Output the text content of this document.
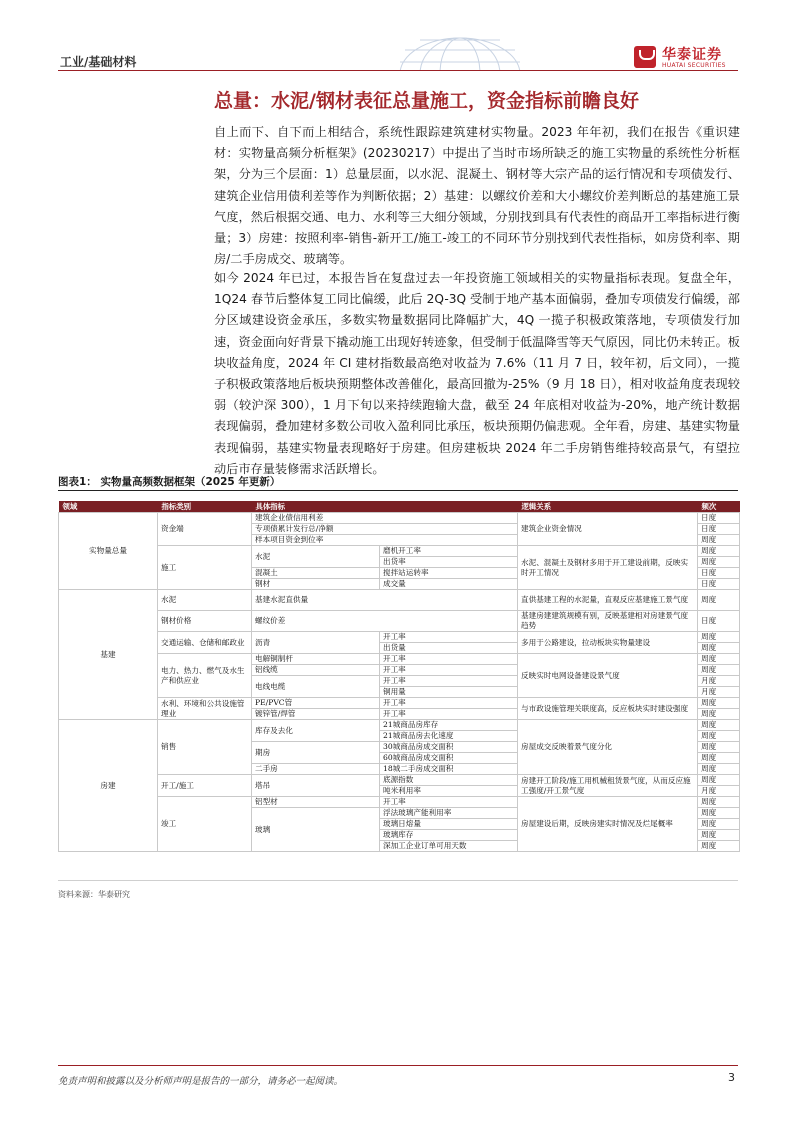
工业/基础材料	华泰证券
HUATAI SECURITIES
总量：水泥/钢材表征总量施工，资金指标前瞻良好

自上而下、自下而上相结合，系统性跟踪建筑建材实物量。2023 年年初，我们在报告《重识建材：实物量高频分析框架》(20230217）中提出了当时市场所缺乏的施工实物量的系统性分析框架，分为三个层面：1）总量层面，以水泥、混凝土、钢材等大宗产品的运行情况和专项债发行、建筑企业信用债利差等作为判断依据；2）基建：以螺纹价差和大小螺纹价差判断总的基建施工景气度，然后根据交通、电力、水利等三大细分领域，分别找到具有代表性的商品开工率指标进行衡量；3）房建：按照利率-销售-新开工/施工-竣工的不同环节分别找到代表性指标，如房贷利率、期房/二手房成交、玻璃等。

如今 2024 年已过，本报告旨在复盘过去一年投资施工领域相关的实物量指标表现。复盘全年，1Q24 春节后整体复工同比偏缓，此后 2Q-3Q 受制于地产基本面偏弱，叠加专项债发行偏缓，部分区域建设资金承压，多数实物量数据同比降幅扩大，4Q 一揽子积极政策落地，专项债发行加速，资金面向好背景下撬动施工出现好转迹象，但受制于低温降雪等天气原因，同比仍未转正。板块收益角度，2024 年 CI 建材指数最高绝对收益为 7.6%（11 月 7 日，较年初，后文同），一揽子积极政策落地后板块预期整体改善催化，最高回撤为-25%（9 月 18 日），相对收益角度表现较弱（较沪深 300），1 月下旬以来持续跑输大盘，截至 24 年底相对收益为-20%，地产统计数据表现偏弱，叠加建材多数公司收入盈利同比承压，板块预期仍偏悲观。全年看，房建、基建实物量表现偏弱，基建实物量表现略好于房建。但房建板块 2024 年二手房销售维持较高景气，有望拉动后市存量装修需求活跃增长。

图表1： 实物量高频数据框架（2025 年更新）
领域	指标类别	具体指标		逻辑关系	频次
实物量总量	资金端	建筑企业债信用利差		建筑企业资金情况	日度
		专项债累计发行总/净额			日度
		样本项目资金到位率			周度
	施工	水泥	磨机开工率	水泥、混凝土及钢材多用于开工建设前期，反映实时开工情况	周度
			出货率		周度
		混凝土	搅拌站运转率		日度
		钢材	成交量		日度
基建	水泥	基建水泥直供量		直供基建工程的水泥量，直观反应基建施工景气度	周度
	钢材价格	螺纹价差		基建房建建筑规模有别，反映基建相对房建景气度趋势	日度
	交通运输、仓储和邮政业	沥青	开工率	多用于公路建设，拉动板块实物量建设	周度
			出货量		周度
	电力、热力、燃气及水生产和供应业	电解铜制杆	开工率	反映实时电网设备建设景气度	周度
		铝线缆	开工率		周度
		电线电缆	开工率		月度
			铜用量		月度
	水利、环境和公共设施管理业	PE/PVC管	开工率	与市政设施管理关联度高，反应板块实时建设强度	周度
		镀锌管/焊管	开工率		周度
房建	销售	库存及去化	21城商品房库存	房屋成交反映着景气度分化	周度
			21城商品房去化速度		周度
		期房	30城商品房成交面积		周度
			60城商品房成交面积		周度
		二手房	18城二手房成交面积		周度
	开工/施工	塔吊	底源指数	房建开工阶段/施工用机械租赁景气度，从而反应施工强度/开工景气度	周度
			吨米利用率		月度
	竣工	铝型材	开工率	房屋建设后期，反映房建实时情况及烂尾概率	周度
		玻璃	浮法玻璃产能利用率		周度
			玻璃日熔量		周度
			玻璃库存		周度
			深加工企业订单可用天数		周度
资料来源：华泰研究
免责声明和披露以及分析师声明是报告的一部分，请务必一起阅读。	3
